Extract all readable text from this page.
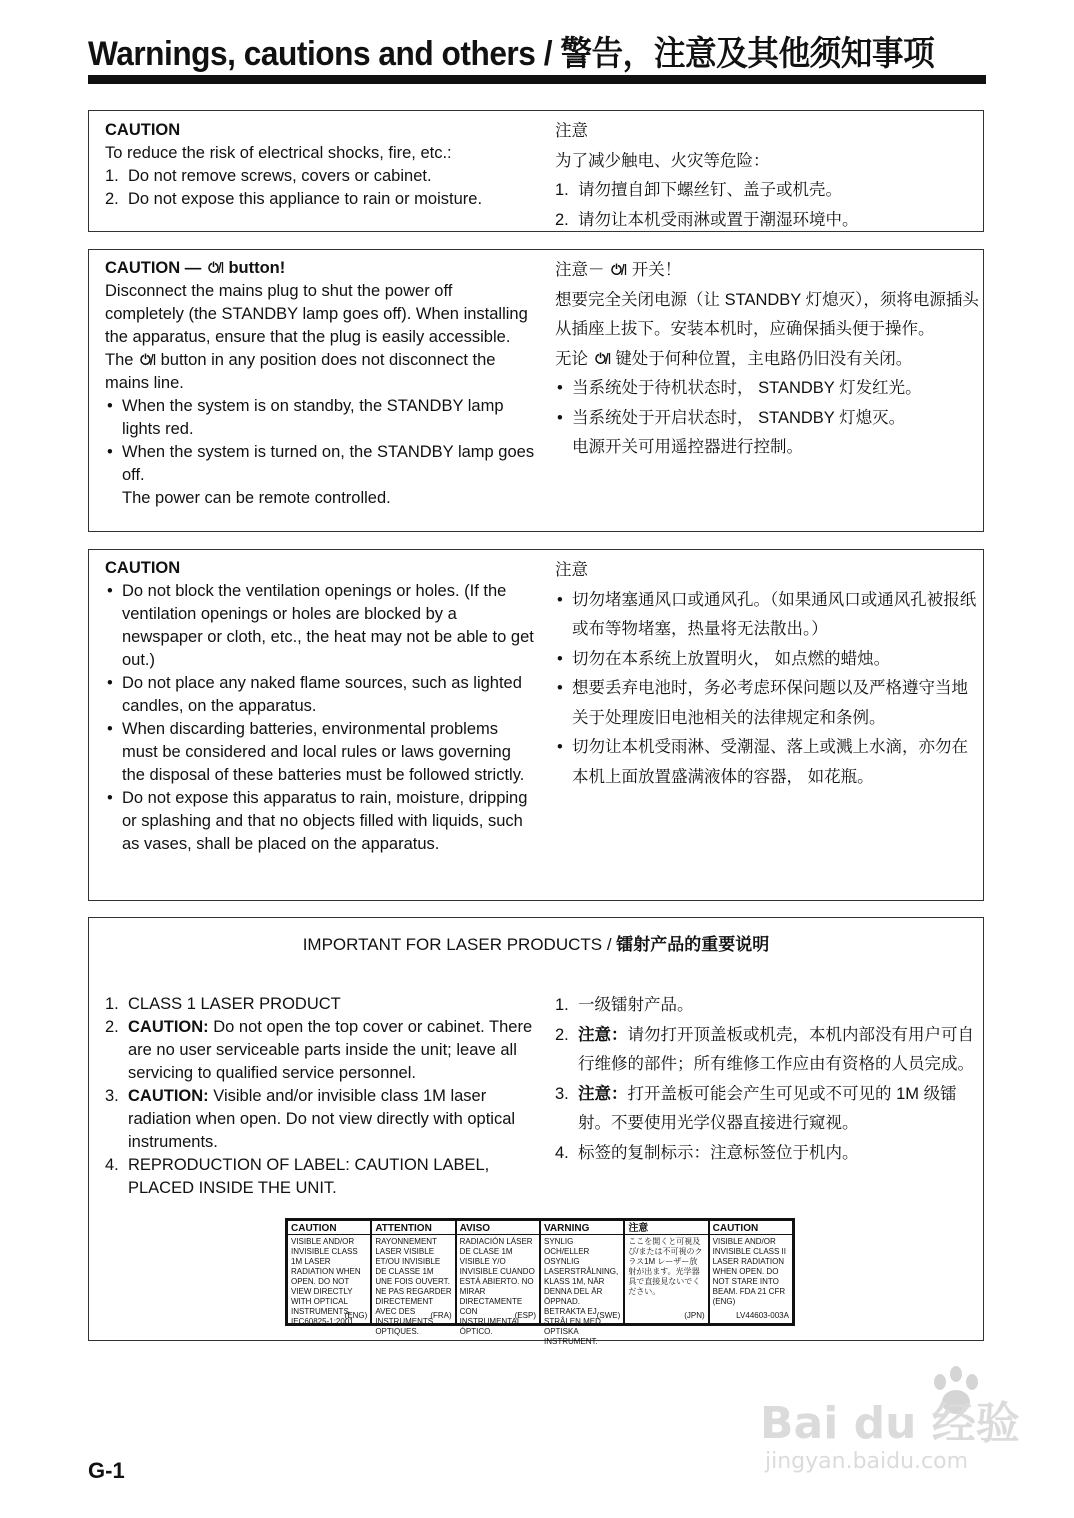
Warnings, cautions and others / 警告，注意及其他须知事项
CAUTION
To reduce the risk of electrical shocks, fire, etc.:
1. Do not remove screws, covers or cabinet.
2. Do not expose this appliance to rain or moisture.
注意
为了减少触电、火灾等危险：
1. 请勿擅自卸下螺丝钉、盖子或机壳。
2. 请勿让本机受雨淋或置于潮湿环境中。
CAUTION — button!
Disconnect the mains plug to shut the power off completely (the STANDBY lamp goes off). When installing the apparatus, ensure that the plug is easily accessible.
The button in any position does not disconnect the mains line.
• When the system is on standby, the STANDBY lamp lights red.
• When the system is turned on, the STANDBY lamp goes off.
The power can be remote controlled.
注意－ 开关！
想要完全关闭电源（让 STANDBY 灯熄灭），须将电源插头从插座上拔下。安装本机时，应确保插头便于操作。
无论 键处于何种位置，主电路仍旧没有关闭。
• 当系统处于待机状态时， STANDBY 灯发红光。
• 当系统处于开启状态时， STANDBY 灯熄灭。
电源开关可用遥控器进行控制。
CAUTION
• Do not block the ventilation openings or holes. (If the ventilation openings or holes are blocked by a newspaper or cloth, etc., the heat may not be able to get out.)
• Do not place any naked flame sources, such as lighted candles, on the apparatus.
• When discarding batteries, environmental problems must be considered and local rules or laws governing the disposal of these batteries must be followed strictly.
• Do not expose this apparatus to rain, moisture, dripping or splashing and that no objects filled with liquids, such as vases, shall be placed on the apparatus.
注意
• 切勿堵塞通风口或通风孔。（如果通风口或通风孔被报纸或布等物堵塞，热量将无法散出。）
• 切勿在本系统上放置明火， 如点燃的蜡烛。
• 想要丢弃电池时，务必考虑环保问题以及严格遵守当地关于处理废旧电池相关的法律规定和条例。
• 切勿让本机受雨淋、受潮湿、落上或溅上水滴，亦勿在本机上面放置盛满液体的容器， 如花瓶。
IMPORTANT FOR LASER PRODUCTS / 镭射产品的重要说明
1. CLASS 1 LASER PRODUCT
2. CAUTION: Do not open the top cover or cabinet. There are no user serviceable parts inside the unit; leave all servicing to qualified service personnel.
3. CAUTION: Visible and/or invisible class 1M laser radiation when open. Do not view directly with optical instruments.
4. REPRODUCTION OF LABEL: CAUTION LABEL, PLACED INSIDE THE UNIT.
1. 一级镭射产品。
2. 注意：请勿打开顶盖板或机壳，本机内部没有用户可自行维修的部件；所有维修工作应由有资格的人员完成。
3. 注意：打开盖板可能会产生可见或不可见的 1M 级镭射。不要使用光学仪器直接进行窥视。
4. 标签的复制标示：注意标签位于机内。
CAUTION
VISIBLE AND/OR INVISIBLE CLASS 1M LASER RADIATION WHEN OPEN. DO NOT VIEW DIRECTLY WITH OPTICAL INSTRUMENTS. IEC60825-1:2001
(ENG)
ATTENTION
RAYONNEMENT LASER VISIBLE ET/OU INVISIBLE DE CLASSE 1M UNE FOIS OUVERT. NE PAS REGARDER DIRECTEMENT AVEC DES INSTRUMENTS OPTIQUES.
(FRA)
AVISO
RADIACIÓN LÁSER DE CLASE 1M VISIBLE Y/O INVISIBLE CUANDO ESTÁ ABIERTO. NO MIRAR DIRECTAMENTE CON INSTRUMENTAL ÓPTICO.
(ESP)
VARNING
SYNLIG OCH/ELLER OSYNLIG LASERSTRÅLNING, KLASS 1M, NÄR DENNA DEL ÄR ÖPPNAD. BETRAKTA EJ STRÅLEN MED OPTISKA INSTRUMENT.
(SWE)
注意
ここを開くと可視及び/または不可視のクラス1M レーザー放射が出ます。光学器具で直接見ないでください。
(JPN)
CAUTION
VISIBLE AND/OR INVISIBLE CLASS II LASER RADIATION WHEN OPEN. DO NOT STARE INTO BEAM. FDA 21 CFR (ENG)
LV44603-003A
G-1
Bai du 经验
jingyan.baidu.com
